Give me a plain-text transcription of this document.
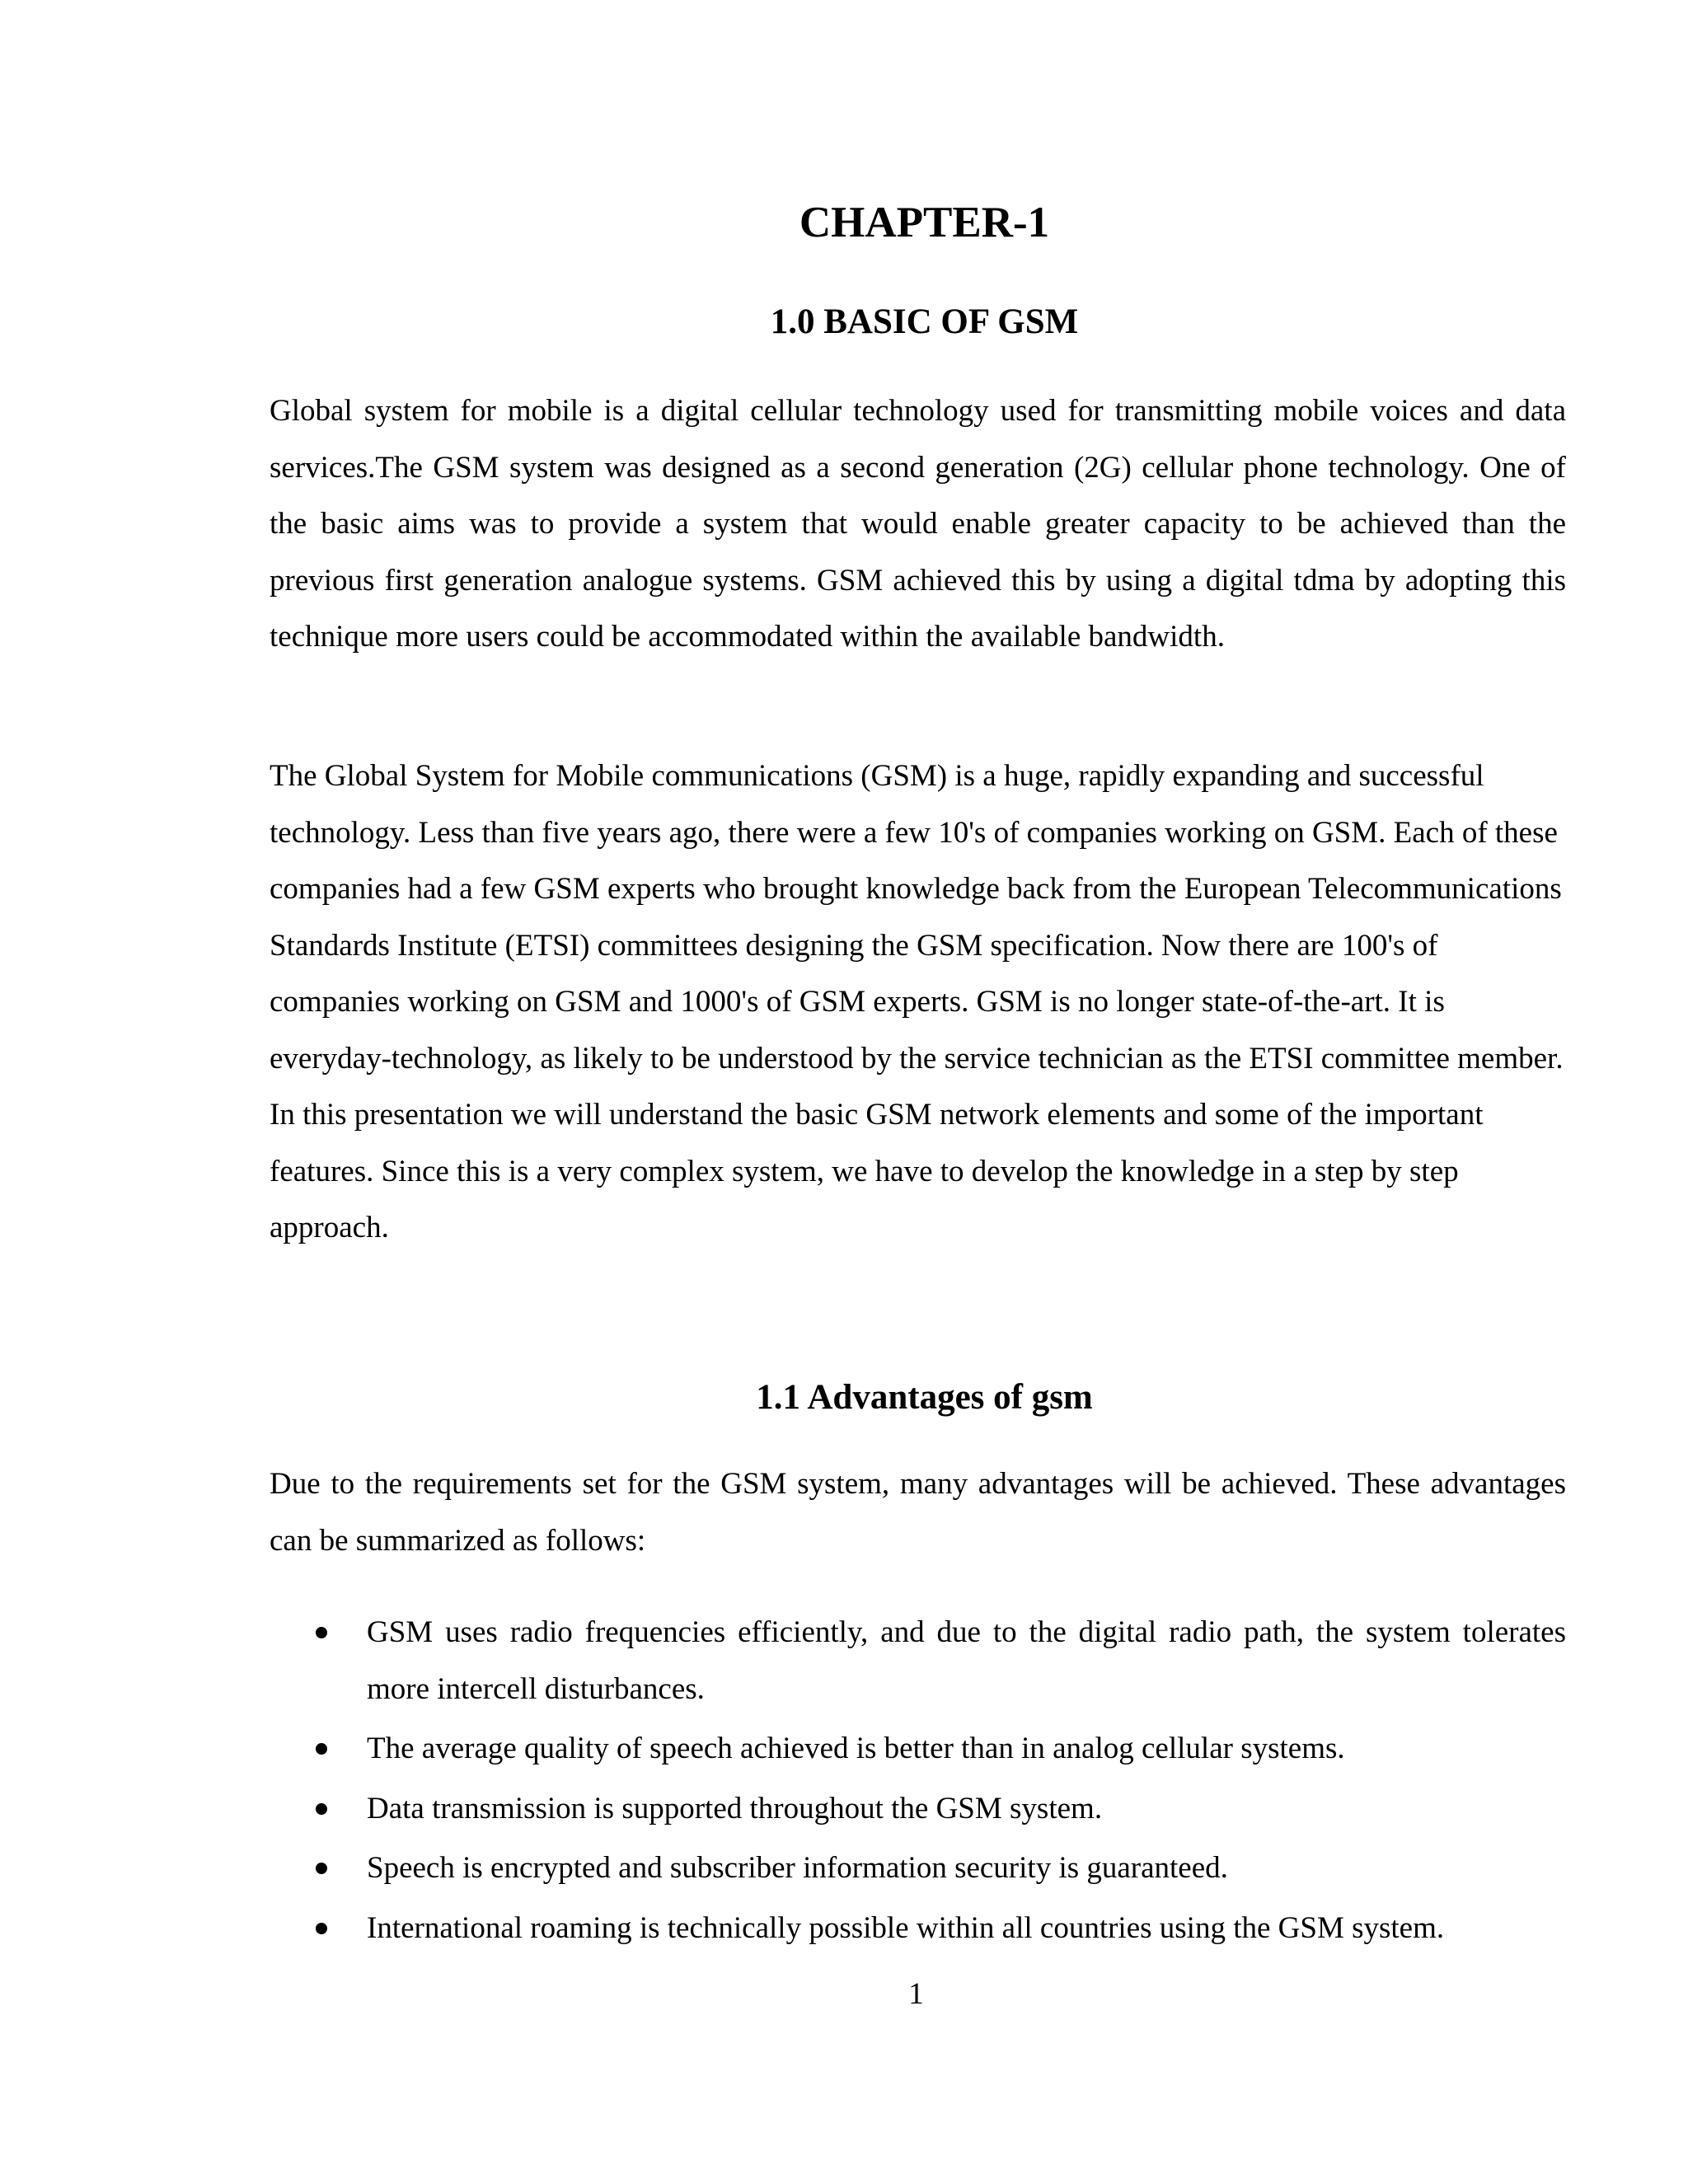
CHAPTER-1
1.0 BASIC OF GSM

Global system for mobile is a digital cellular technology used for transmitting mobile voices and data services.The GSM system was designed as a second generation (2G) cellular phone technology. One of the basic aims was to provide a system that would enable greater capacity to be achieved than the previous first generation analogue systems. GSM achieved this by using a digital tdma by adopting this technique more users could be accommodated within the available bandwidth.

The Global System for Mobile communications (GSM) is a huge, rapidly expanding and successful technology. Less than five years ago, there were a few 10's of companies working on GSM. Each of these companies had a few GSM experts who brought knowledge back from the European Telecommunications Standards Institute (ETSI) committees designing the GSM specification. Now there are 100's of companies working on GSM and 1000's of GSM experts. GSM is no longer state-of-the-art. It is everyday-technology, as likely to be understood by the service technician as the ETSI committee member. In this presentation we will understand the basic GSM network elements and some of the important features. Since this is a very complex system, we have to develop the knowledge in a step by step approach.

1.1 Advantages of gsm

Due to the requirements set for the GSM system, many advantages will be achieved. These advantages can be summarized as follows:

GSM uses radio frequencies efficiently, and due to the digital radio path, the system tolerates more intercell disturbances.
The average quality of speech achieved is better than in analog cellular systems.
Data transmission is supported throughout the GSM system.
Speech is encrypted and subscriber information security is guaranteed.
International roaming is technically possible within all countries using the GSM system.
1
